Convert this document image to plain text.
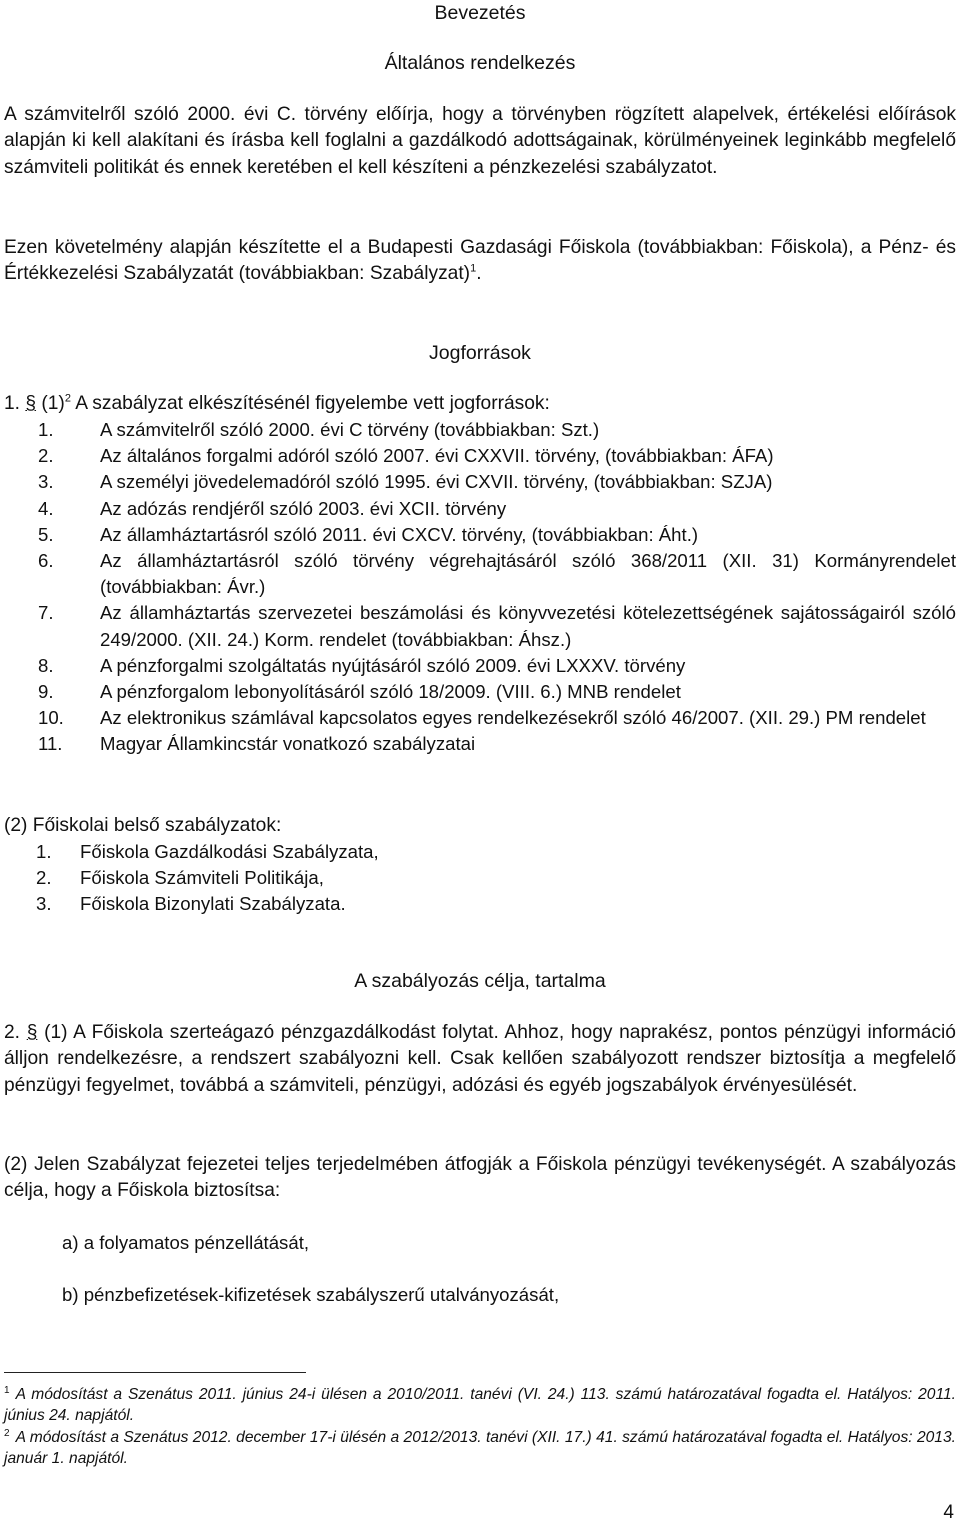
Bevezetés

Általános rendelkezés

A számvitelről szóló 2000. évi C. törvény előírja, hogy a törvényben rögzített alapelvek, értékelési előírások alapján ki kell alakítani és írásba kell foglalni a gazdálkodó adottságainak, körülményeinek leginkább megfelelő számviteli politikát és ennek keretében el kell készíteni a pénzkezelési szabályzatot.

Ezen követelmény alapján készítette el a Budapesti Gazdasági Főiskola (továbbiakban: Főiskola), a Pénz- és Értékkezelési Szabályzatát (továbbiakban: Szabályzat)$^1$.

Jogforrások

1. § $(1)^2$ A szabályzat elkészítésénél figyelembe vett jogforrások:

1. A számvitelről szóló 2000. évi C törvény (továbbiakban: Szt.)
2. Az általános forgalmi adóról szóló 2007. évi CXXVII. törvény, (továbbiakban: ÁFA)
3. A személyi jövedelemadóról szóló 1995. évi CXVII. törvény, (továbbiakban: SZJA)
4. Az adózás rendjéről szóló 2003. évi XCII. törvény
5. Az államháztartásról szóló 2011. évi CXCV. törvény, (továbbiakban: Áht.)
6. Az államháztartásról szóló törvény végrehajtásáról szóló 368/2011 (XII. 31) Kormányrendelet (továbbiakban: Ávr.)
7. Az államháztartás szervezetei beszámolási és könyvvezetési kötelezettségének sajátosságairól szóló 249/2000. (XII. 24.) Korm. rendelet (továbbiakban: Áhsz.)
8. A pénzforgalmi szolgáltatás nyújtásáról szóló 2009. évi LXXXV. törvény
9. A pénzforgalom lebonyolításáról szóló 18/2009. (VIII. 6.) MNB rendelet
10. Az elektronikus számlával kapcsolatos egyes rendelkezésekről szóló 46/2007. (XII. 29.) PM rendelet
11. Magyar Államkincstár vonatkozó szabályzatai

(2) Főiskolai belső szabályzatok:

1. Főiskola Gazdálkodási Szabályzata,
2. Főiskola Számviteli Politikája,
3. Főiskola Bizonylati Szabályzata.

A szabályozás célja, tartalma

2. § (1) A Főiskola szerteágazó pénzgazdálkodást folytat. Ahhoz, hogy naprakész, pontos pénzügyi információ álljon rendelkezésre, a rendszert szabályozni kell. Csak kellően szabályozott rendszer biztosítja a megfelelő pénzügyi fegyelmet, továbbá a számviteli, pénzügyi, adózási és egyéb jogszabályok érvényesülését.

(2) Jelen Szabályzat fejezetei teljes terjedelmében átfogják a Főiskola pénzügyi tevékenységét. A szabályozás célja, hogy a Főiskola biztosítsa:

a) a folyamatos pénzellátását,
b) pénzbefizetések-kifizetések szabályszerű utalványozását,

$^1$ A módosítást a Szenátus 2011. június 24-i ülésen a 2010/2011. tanévi (VI. 24.) 113. számú határozatával fogadta el. Hatályos: 2011. június 24. napjától.

$^2$ A módosítást a Szenátus 2012. december 17-i ülésén a 2012/2013. tanévi (XII. 17.) 41. számú határozatával fogadta el. Hatályos: 2013. január 1. napjától.

4
